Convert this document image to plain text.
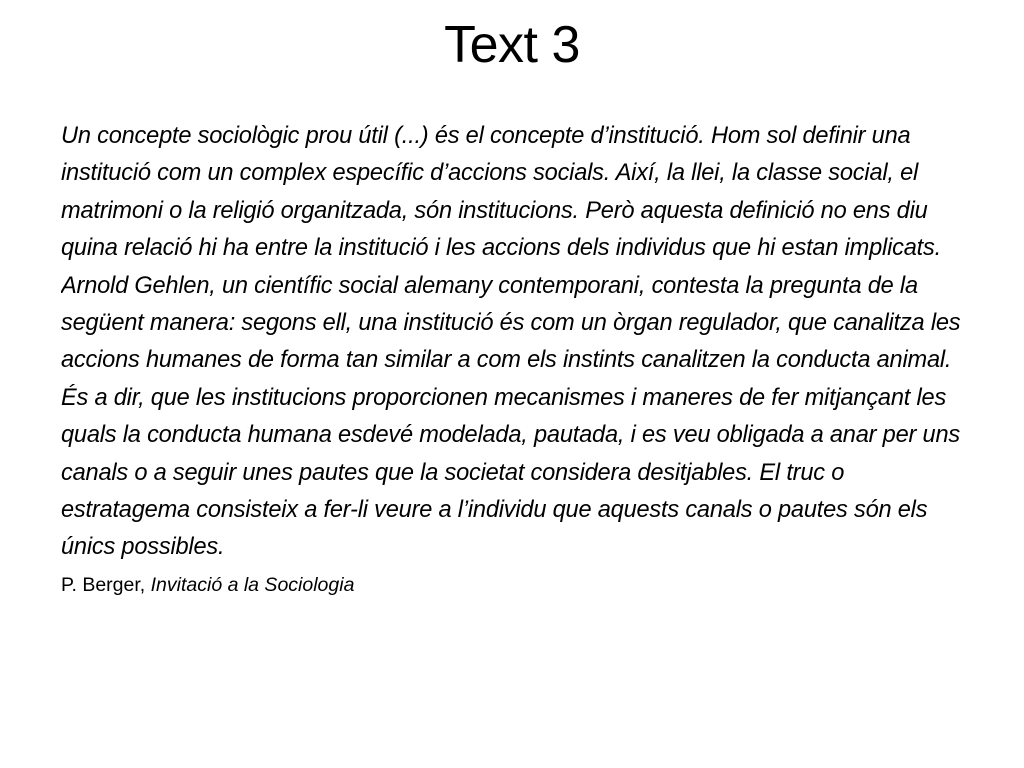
Text 3

Un concepte sociològic prou útil (...) és el concepte d’institució. Hom sol definir una institució com un complex específic d’accions socials. Així, la llei, la classe social, el matrimoni o la religió organitzada, són institucions. Però aquesta definició no ens diu quina relació hi ha entre la institució i les accions dels individus que hi estan implicats. Arnold Gehlen, un científic social alemany contemporani, contesta la pregunta de la següent manera: segons ell, una institució és com un òrgan regulador, que canalitza les accions humanes de forma tan similar a com els instints canalitzen la conducta animal. És a dir, que les institucions proporcionen mecanismes i maneres de fer mitjançant les quals la conducta humana esdevé modelada, pautada, i es veu obligada a anar per uns canals o a seguir unes pautes que la societat considera desitjables. El truc o estratagema consisteix a fer-li veure a l’individu que aquests canals o pautes són els únics possibles.

P. Berger, Invitació a la Sociologia
